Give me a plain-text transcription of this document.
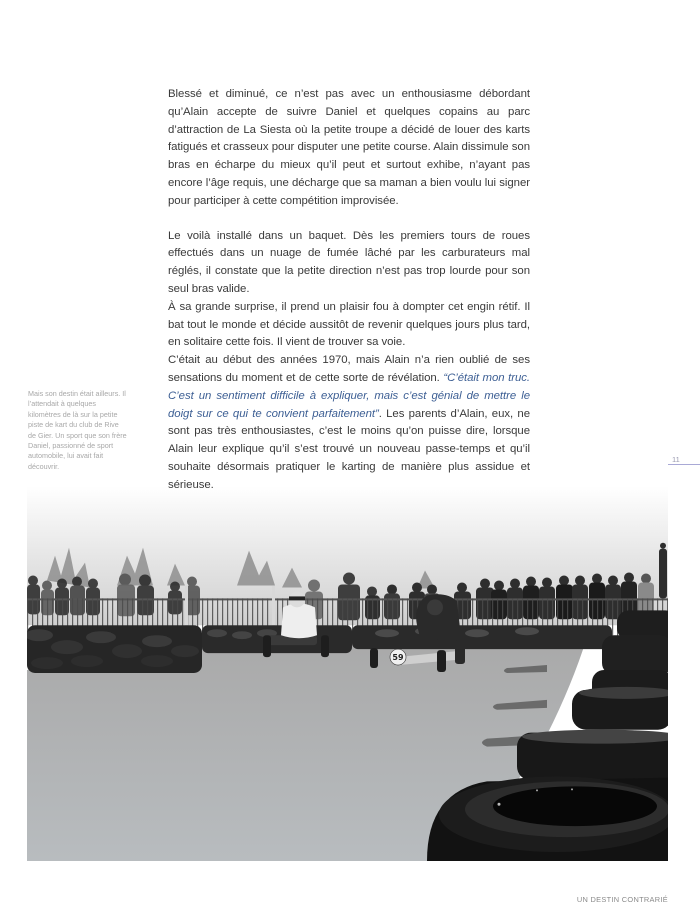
Blessé et diminué, ce n’est pas avec un enthousiasme débordant qu’Alain accepte de suivre Daniel et quelques copains au parc d’attraction de La Siesta où la petite troupe a décidé de louer des karts fatigués et crasseux pour disputer une petite course. Alain dissimule son bras en écharpe du mieux qu’il peut et surtout exhibe, n’ayant pas encore l’âge requis, une décharge que sa maman a bien voulu lui signer pour participer à cette compétition improvisée.

Le voilà installé dans un baquet. Dès les premiers tours de roues effectués dans un nuage de fumée lâché par les carburateurs mal réglés, il constate que la petite direction n’est pas trop lourde pour son seul bras valide.

À sa grande surprise, il prend un plaisir fou à dompter cet engin rétif. Il bat tout le monde et décide aussitôt de revenir quelques jours plus tard, en solitaire cette fois. Il vient de trouver sa voie.

C’était au début des années 1970, mais Alain n’a rien oublié de ses sensations du moment et de cette sorte de révélation. “C’était mon truc. C’est un sentiment difficile à expliquer, mais c’est génial de mettre le doigt sur ce qui te convient parfaitement”. Les parents d’Alain, eux, ne sont pas très enthousiastes, c’est le moins qu’on puisse dire, lorsque Alain leur explique qu’il s’est trouvé un nouveau passe-temps et qu’il souhaite désormais pratiquer le karting de manière plus assidue et sérieuse.

Mais son destin était ailleurs. Il l’attendait à quelques kilomètres de là sur la petite piste de kart du club de Rive de Gier. Un sport que son frère Daniel, passionné de sport automobile, lui avait fait découvrir.
11
59
UN DESTIN CONTRARIÉ
